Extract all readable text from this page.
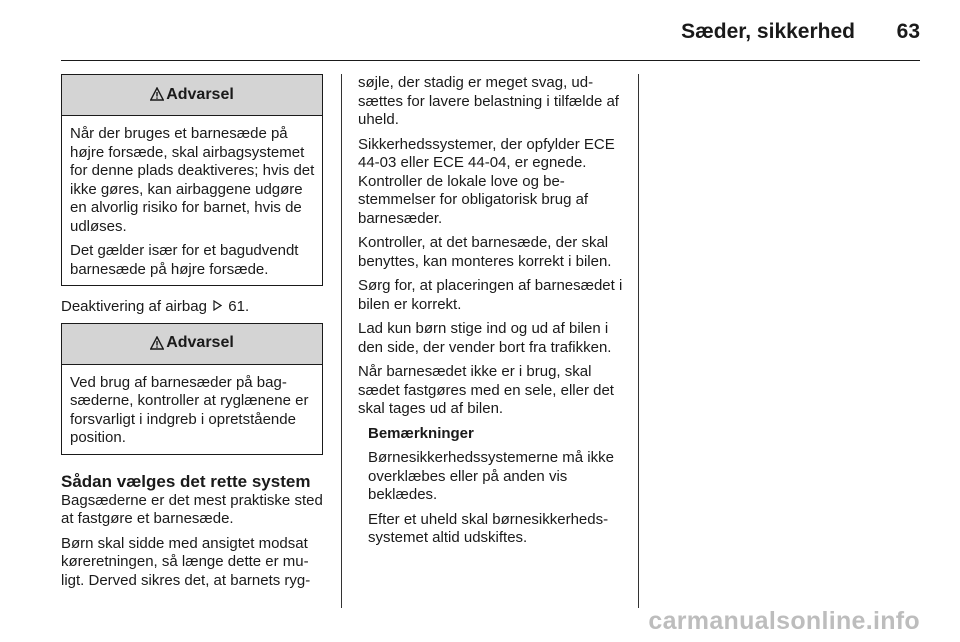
Sæder, sikkerhed 63
Advarsel

Når der bruges et barnesæde på højre forsæde, skal airbagsystemet for denne plads deaktiveres; hvis det ikke gøres, kan airbaggene udgøre en alvorlig risiko for barnet, hvis de udløses.

Det gælder især for et bagudvendt barnesæde på højre forsæde.

Deaktivering af airbag 61.

Advarsel

Ved brug af barnesæder på bagsæderne, kontroller at ryglænene er forsvarligt i indgreb i opretstående position.

Sådan vælges det rette system

Bagsæderne er det mest praktiske sted at fastgøre et barnesæde.

Børn skal sidde med ansigtet modsat køreretningen, så længe dette er muligt. Derved sikres det, at barnets ryg-

søjle, der stadig er meget svag, udsættes for lavere belastning i tilfælde af uheld.

Sikkerhedssystemer, der opfylder ECE 44-03 eller ECE 44-04, er egnede. Kontroller de lokale love og bestemmelser for obligatorisk brug af barnesæder.

Kontroller, at det barnesæde, der skal benyttes, kan monteres korrekt i bilen.

Sørg for, at placeringen af barnesædet i bilen er korrekt.

Lad kun børn stige ind og ud af bilen i den side, der vender bort fra trafikken.

Når barnesædet ikke er i brug, skal sædet fastgøres med en sele, eller det skal tages ud af bilen.

Bemærkninger

Børnesikkerhedssystemerne må ikke overklæbes eller på anden vis beklædes.

Efter et uheld skal børnesikkerhedssystemet altid udskiftes.

carmanualsonline.info
